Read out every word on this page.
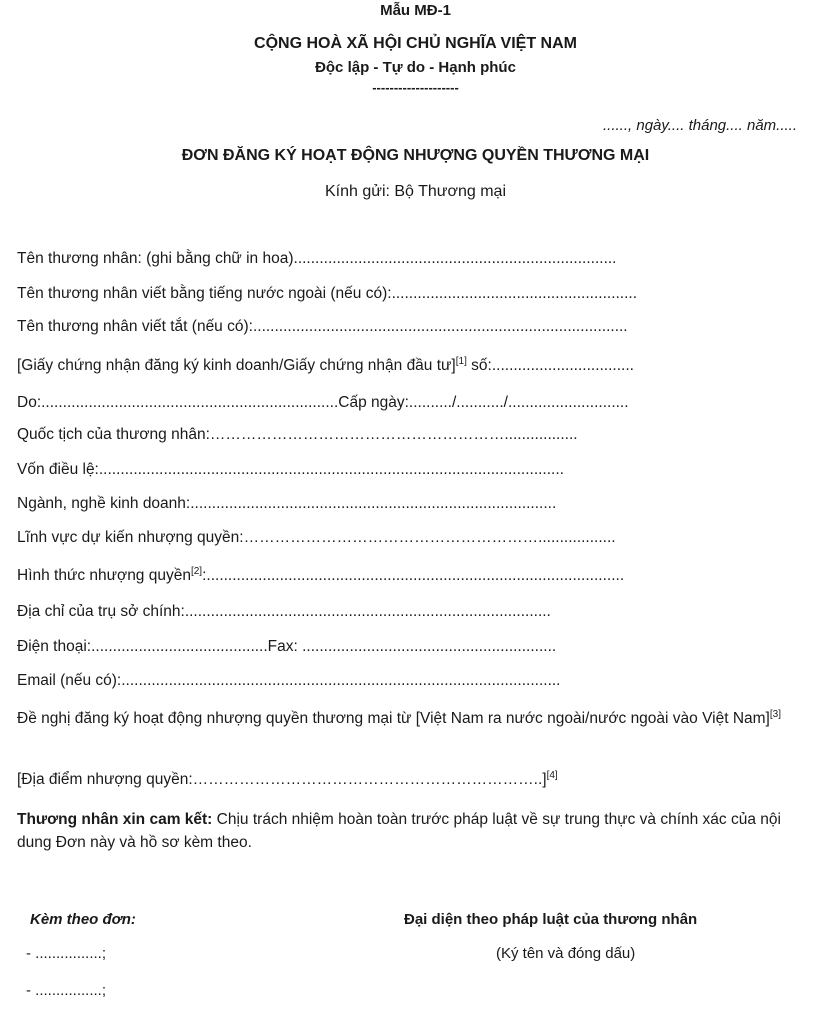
Mẫu MĐ-1
CỘNG HOÀ XÃ HỘI CHỦ NGHĨA VIỆT NAM
Độc lập - Tự do - Hạnh phúc
--------------------
......, ngày.... tháng.... năm.....
ĐƠN ĐĂNG KÝ HOẠT ĐỘNG NHƯỢNG QUYỀN THƯƠNG MẠI
Kính gửi: Bộ Thương mại
Tên thương nhân: (ghi bằng chữ in hoa)...........................................................................
Tên thương nhân viết bằng tiếng nước ngoài (nếu có):.........................................................
Tên thương nhân viết tắt (nếu có):.......................................................................................
[Giấy chứng nhận đăng ký kinh doanh/Giấy chứng nhận đầu tư][1] số:.................................
Do:.....................................................................Cấp ngày:........../.........../............................
Quốc tịch của thương nhân:………………………………………………….................
Vốn điều lệ:............................................................................................................
Ngành, nghề kinh doanh:.....................................................................................
Lĩnh vực dự kiến nhượng quyền:…………………………………………………..................
Hình thức nhượng quyền[2]:.................................................................................................
Địa chỉ của trụ sở chính:.....................................................................................
Điện thoại:.........................................Fax: ...........................................................
Email (nếu có):......................................................................................................
Đề nghị đăng ký hoạt động nhượng quyền thương mại từ [Việt Nam ra nước ngoài/nước ngoài vào Việt Nam][3]
[Địa điểm nhượng quyền:…………………………………………………………..][4]
Thương nhân xin cam kết: Chịu trách nhiệm hoàn toàn trước pháp luật về sự trung thực và chính xác của nội dung Đơn này và hồ sơ kèm theo.
Kèm theo đơn:
- ................;
- ................;
Đại diện theo pháp luật của thương nhân
(Ký tên và đóng dấu)
